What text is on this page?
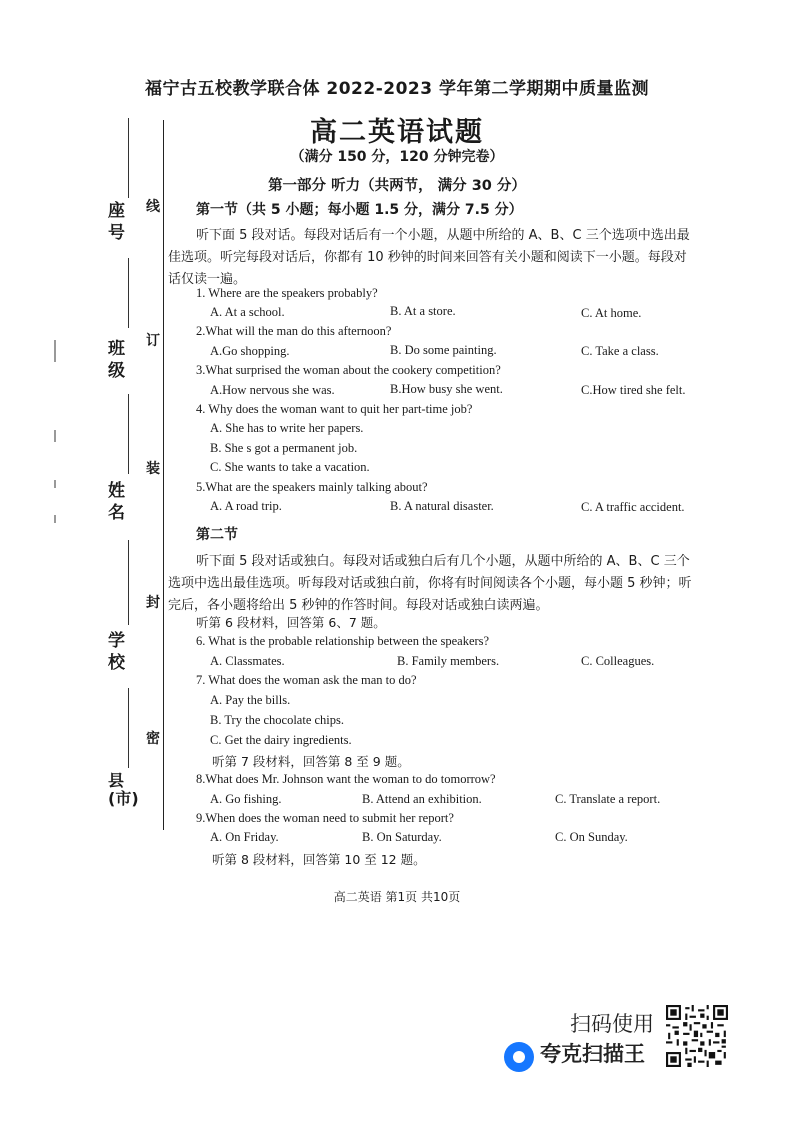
座号
班级
姓名
学校
县(市)
线
订
装
封
密
福宁古五校教学联合体 2022-2023 学年第二学期期中质量监测
高二英语试题
（满分 150 分，120 分钟完卷）
第一部分 听力（共两节， 满分 30 分）
第一节（共 5 小题；每小题 1.5 分，满分 7.5 分）
听下面 5 段对话。每段对话后有一个小题，从题中所给的 A、B、C 三个选项中选出最佳选项。听完每段对话后，你都有 10 秒钟的时间来回答有关小题和阅读下一小题。每段对话仅读一遍。
1. Where are the speakers probably?
A. At a school.	B. At a store.	C. At home.
2.What will the man do this afternoon?
A.Go shopping.	B. Do some painting.	C. Take a class.
3.What surprised the woman about the cookery competition?
A.How nervous she was.	B.How busy she went.	C.How tired she felt.
4. Why does the woman want to quit her part-time job?
A. She has to write her papers.
B. She s got a permanent job.
C. She wants to take a vacation.
5.What are the speakers mainly talking about?
A. A road trip.	B. A natural disaster.	C. A traffic accident.
第二节
听下面 5 段对话或独白。每段对话或独白后有几个小题，从题中所给的 A、B、C 三个选项中选出最佳选项。听每段对话或独白前，你将有时间阅读各个小题，每小题 5 秒钟；听完后，各小题将给出 5 秒钟的作答时间。每段对话或独白读两遍。
听第 6 段材料，回答第 6、7 题。
6. What is the probable relationship between the speakers?
A. Classmates.	B. Family members.	C. Colleagues.
7. What does the woman ask the man to do?
A. Pay the bills.
B. Try the chocolate chips.
C. Get the dairy ingredients.
听第 7 段材料，回答第 8 至 9 题。
8.What does Mr. Johnson want the woman to do tomorrow?
A. Go fishing.	B. Attend an exhibition.	C. Translate a report.
9.When does the woman need to submit her report?
A. On Friday.	B. On Saturday.	C. On Sunday.
听第 8 段材料，回答第 10 至 12 题。
高二英语 第1页 共10页
扫码使用
夸克扫描王
